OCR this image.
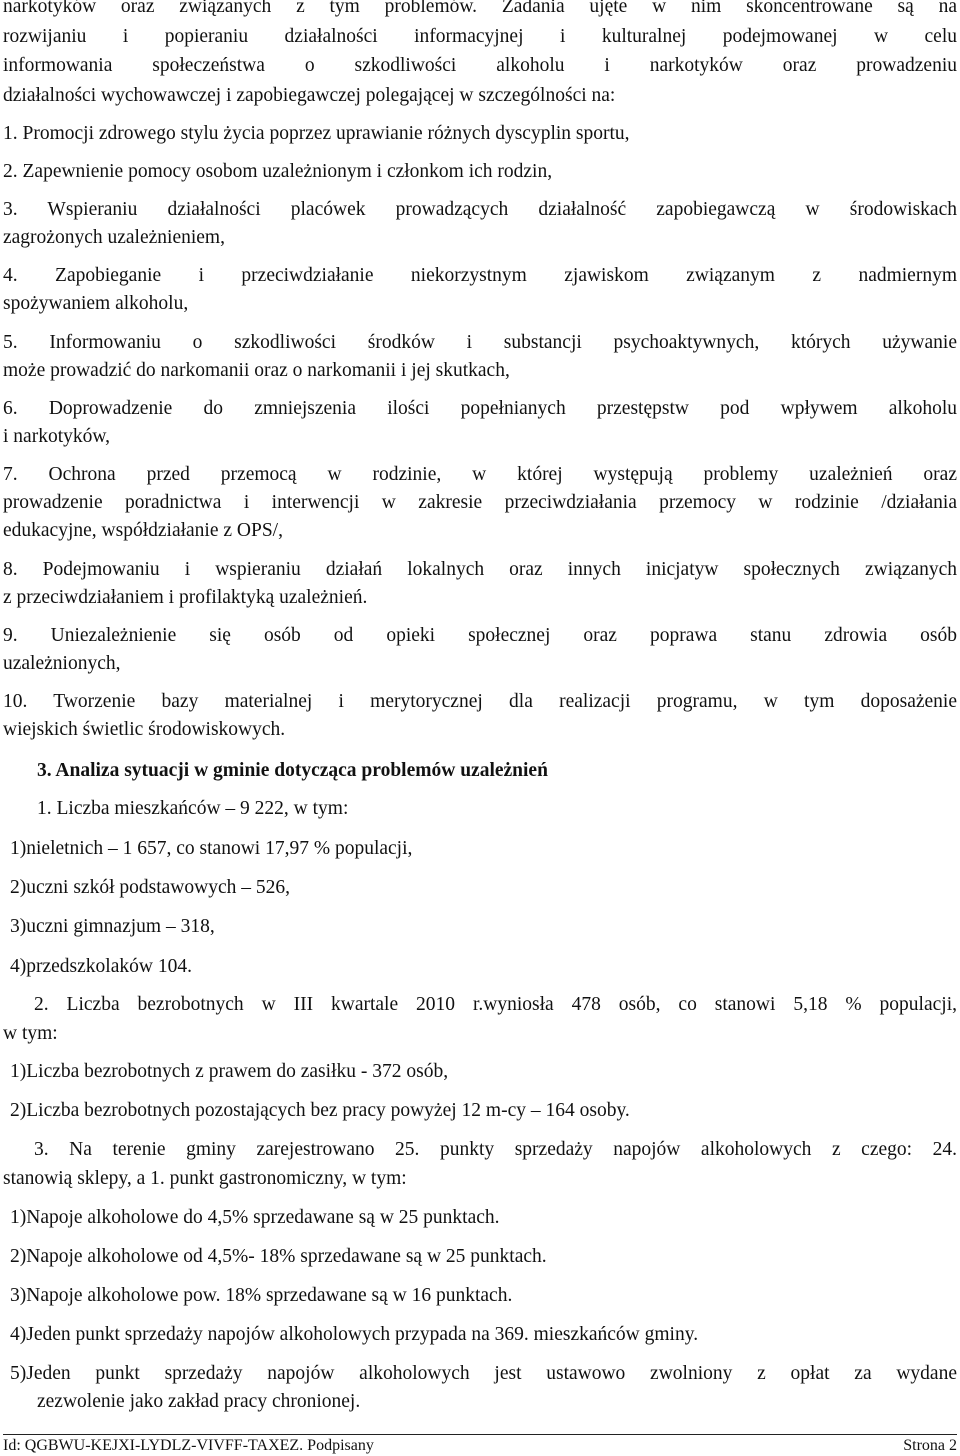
narkotyków oraz związanych z tym problemów. Zadania ujęte w nim skoncentrowane są na

rozwijaniu i popieraniu działalności informacyjnej i kulturalnej podejmowanej w celu

informowania społeczeństwa o szkodliwości alkoholu i narkotyków oraz prowadzeniu

działalności wychowawczej i zapobiegawczej polegającej w szczególności na:

1. Promocji zdrowego stylu życia poprzez uprawianie różnych dyscyplin sportu,

2. Zapewnienie pomocy osobom uzależnionym i członkom ich rodzin,

3. Wspieraniu działalności placówek prowadzących działalność zapobiegawczą w środowiskach

zagrożonych uzależnieniem,

4. Zapobieganie i przeciwdziałanie niekorzystnym zjawiskom związanym z nadmiernym

spożywaniem alkoholu,

5. Informowaniu o szkodliwości środków i substancji psychoaktywnych, których używanie

może prowadzić do narkomanii oraz o narkomanii i jej skutkach,

6. Doprowadzenie do zmniejszenia ilości popełnianych przestępstw pod wpływem alkoholu

i narkotyków,

7. Ochrona przed przemocą w rodzinie, w której występują problemy uzależnień oraz

prowadzenie poradnictwa i interwencji w zakresie przeciwdziałania przemocy w rodzinie /działania

edukacyjne, współdziałanie z OPS/,

8. Podejmowaniu i wspieraniu działań lokalnych oraz innych inicjatyw społecznych związanych

z przeciwdziałaniem i profilaktyką uzależnień.

9. Uniezależnienie się osób od opieki społecznej oraz poprawa stanu zdrowia osób

uzależnionych,

10. Tworzenie bazy materialnej i merytorycznej dla realizacji programu, w tym doposażenie

wiejskich świetlic środowiskowych.

3. Analiza sytuacji w gminie dotycząca problemów uzależnień

1. Liczba mieszkańców – 9 222, w tym:

1)nieletnich – 1 657, co stanowi 17,97 % populacji,

2)uczni szkół podstawowych – 526,

3)uczni gimnazjum – 318,

4)przedszkolaków 104.

2. Liczba bezrobotnych w III kwartale 2010 r.wyniosła 478 osób, co stanowi 5,18 % populacji,

w tym:

1)Liczba bezrobotnych z prawem do zasiłku - 372 osób,

2)Liczba bezrobotnych pozostających bez pracy powyżej 12 m-cy – 164 osoby.

3. Na terenie gminy zarejestrowano 25. punkty sprzedaży napojów alkoholowych z czego: 24.

stanowią sklepy, a 1. punkt gastronomiczny, w tym:

1)Napoje alkoholowe do 4,5% sprzedawane są w 25 punktach.

2)Napoje alkoholowe od 4,5%- 18% sprzedawane są w 25 punktach.

3)Napoje alkoholowe pow. 18% sprzedawane są w 16 punktach.

4)Jeden punkt sprzedaży napojów alkoholowych przypada na 369. mieszkańców gminy.

5)Jeden punkt sprzedaży napojów alkoholowych jest ustawowo zwolniony z opłat za wydane

zezwolenie jako zakład pracy chronionej.

Id: QGBWU-KEJXI-LYDLZ-VIVFF-TAXEZ. Podpisany	Strona 2
